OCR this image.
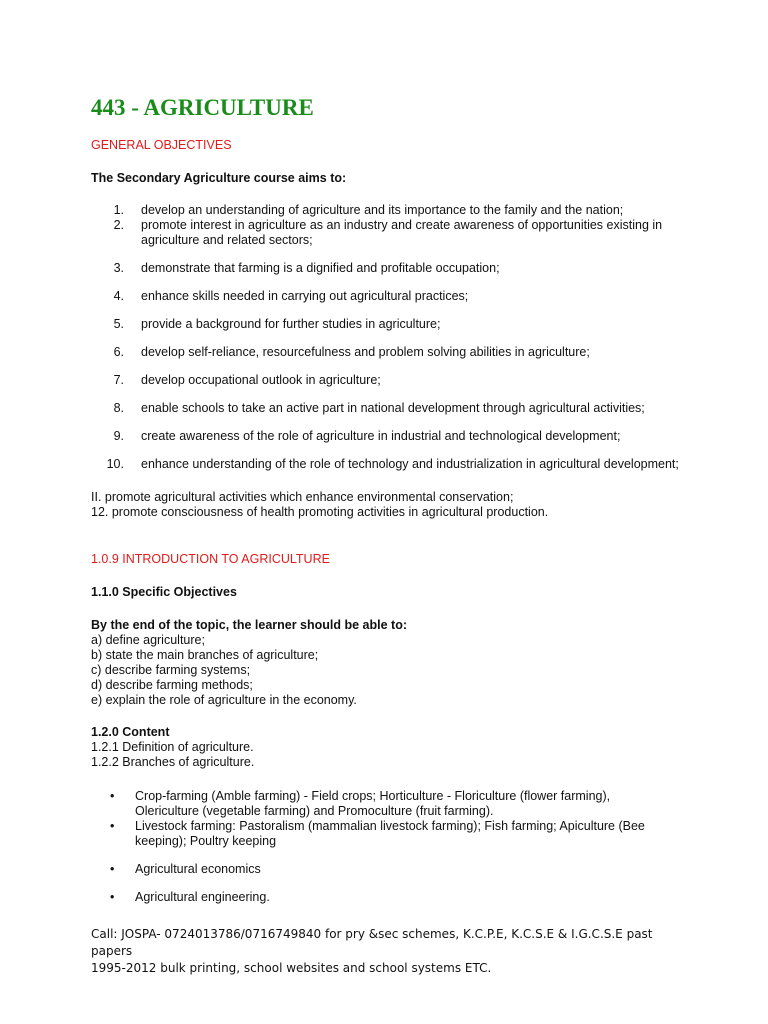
443 - AGRICULTURE
GENERAL OBJECTIVES
The Secondary Agriculture course aims to:
1. develop an understanding of agriculture and its importance to the family and the nation;
2. promote interest in agriculture as an industry and create awareness of opportunities existing in agriculture and related sectors;
3. demonstrate that farming is a dignified and profitable occupation;
4. enhance skills needed in carrying out agricultural practices;
5. provide a background for further studies in agriculture;
6. develop self-reliance, resourcefulness and problem solving abilities in agriculture;
7. develop occupational outlook in agriculture;
8. enable schools to take an active part in national development through agricultural activities;
9. create awareness of the role of agriculture in industrial and technological development;
10. enhance understanding of the role of technology and industrialization in agricultural development;
II. promote agricultural activities which enhance environmental conservation;
12. promote consciousness of health promoting activities in agricultural production.
1.0.9 INTRODUCTION TO AGRICULTURE
1.1.0 Specific Objectives
By the end of the topic, the learner should be able to:
a) define agriculture;
b) state the main branches of agriculture;
c) describe farming systems;
d) describe farming methods;
e) explain the role of agriculture in the economy.
1.2.0 Content
1.2.1 Definition of agriculture.
1.2.2 Branches of agriculture.
• Crop-farming (Amble farming) - Field crops; Horticulture - Floriculture (flower farming), Olericulture (vegetable farming) and Promoculture (fruit farming).
• Livestock farming: Pastoralism (mammalian livestock farming); Fish farming; Apiculture (Bee keeping); Poultry keeping
• Agricultural economics
• Agricultural engineering.
Call: JOSPA- 0724013786/0716749840 for pry &sec schemes, K.C.P.E, K.C.S.E & I.G.C.S.E past papers
1995-2012 bulk printing, school websites and school systems ETC.
